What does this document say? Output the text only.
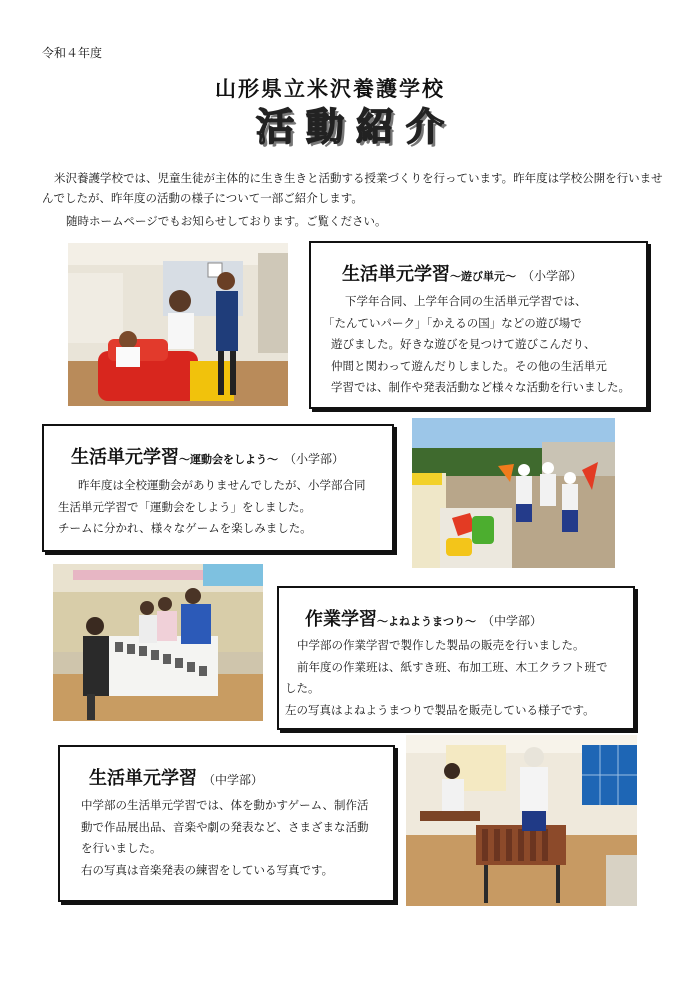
令和４年度
山形県立米沢養護学校
活動紹介
米沢養護学校では、児童生徒が主体的に生き生きと活動する授業づくりを行っています。昨年度は学校公開を行いませんでしたが、昨年度の活動の様子について一部ご紹介します。
随時ホームページでもお知らせしております。ご覧ください。
生活単元学習～遊び単元～ （小学部）

下学年合同、上学年合同の生活単元学習では、

「たんていパーク」「かえるの国」などの遊び場で

遊びました。好きな遊びを見つけて遊びこんだり、

仲間と関わって遊んだりしました。その他の生活単元

学習では、制作や発表活動など様々な活動を行いました。

生活単元学習～運動会をしよう～ （小学部）

昨年度は全校運動会がありませんでしたが、小学部合同

生活単元学習で「運動会をしよう」をしました。

チームに分かれ、様々なゲームを楽しみました。

作業学習～よねようまつり～ （中学部）

中学部の作業学習で製作した製品の販売を行いました。

前年度の作業班は、紙すき班、布加工班、木工クラフト班で

した。

左の写真はよねようまつりで製品を販売している様子です。

生活単元学習 （中学部）

中学部の生活単元学習では、体を動かすゲーム、制作活

動で作品展出品、音楽や劇の発表など、さまざまな活動

を行いました。

右の写真は音楽発表の練習をしている写真です。
